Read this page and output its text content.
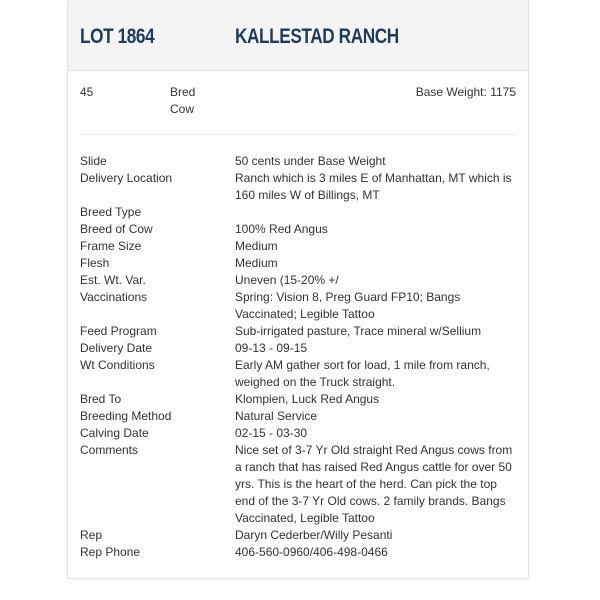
LOT 1864	KALLESTAD RANCH
45	Bred Cow
Base Weight: 1175
Slide	50 cents under Base Weight
Delivery Location	Ranch which is 3 miles E of Manhattan, MT which is 160 miles W of Billings, MT
Breed Type
Breed of Cow	100% Red Angus
Frame Size	Medium
Flesh	Medium
Est. Wt. Var.	Uneven (15-20% +/
Vaccinations	Spring: Vision 8, Preg Guard FP10; Bangs Vaccinated; Legible Tattoo
Feed Program	Sub-irrigated pasture, Trace mineral w/Sellium
Delivery Date	09-13 - 09-15
Wt Conditions	Early AM gather sort for load, 1 mile from ranch, weighed on the Truck straight.
Bred To	Klompien, Luck Red Angus
Breeding Method	Natural Service
Calving Date	02-15 - 03-30
Comments	Nice set of 3-7 Yr Old straight Red Angus cows from a ranch that has raised Red Angus cattle for over 50 yrs. This is the heart of the herd. Can pick the top end of the 3-7 Yr Old cows. 2 family brands. Bangs Vaccinated, Legible Tattoo
Rep	Daryn Cederber/Willy Pesanti
Rep Phone	406-560-0960/406-498-0466
